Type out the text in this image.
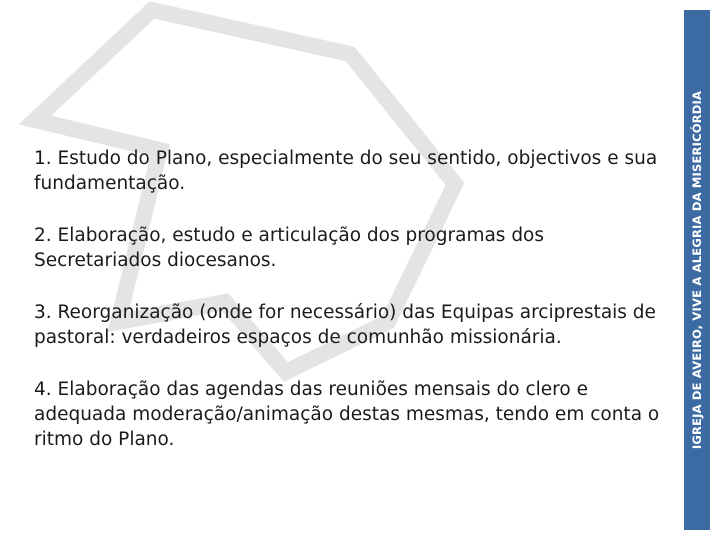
1. Estudo do Plano, especialmente do seu sentido, objectivos e sua fundamentação.

2. Elaboração, estudo e articulação dos programas dos Secretariados diocesanos.

3. Reorganização (onde for necessário) das Equipas arciprestais de pastoral: verdadeiros espaços de comunhão missionária.

4. Elaboração das agendas das reuniões mensais do clero e adequada moderação/animação destas mesmas, tendo em conta o ritmo do Plano.	IGREJA DE AVEIRO, VIVE A ALEGRIA DA MISERICÓRDIA
